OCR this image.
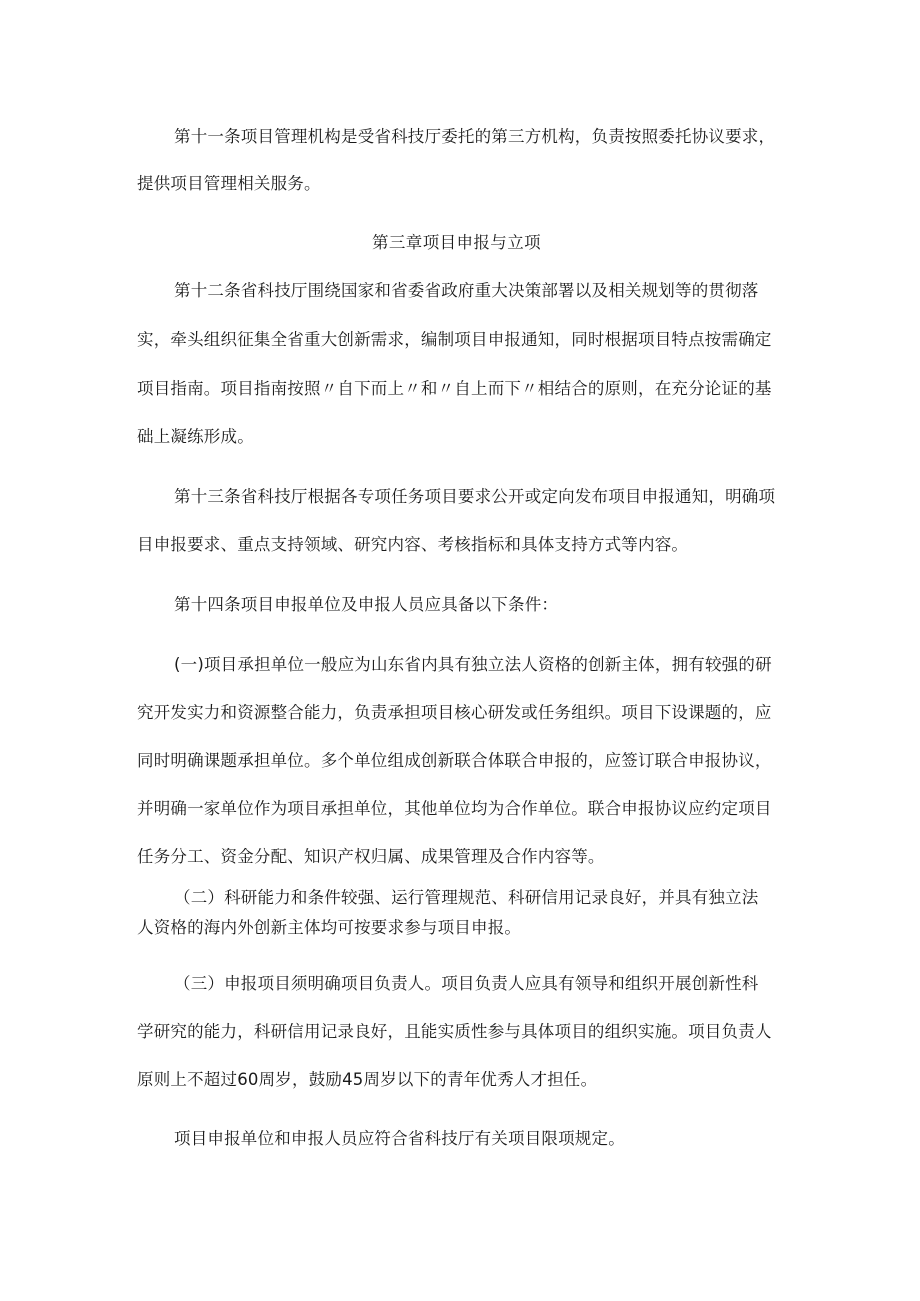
第十一条项目管理机构是受省科技厅委托的第三方机构，负责按照委托协议要求，
提供项目管理相关服务。
第三章项目申报与立项
第十二条省科技厅围绕国家和省委省政府重大决策部署以及相关规划等的贯彻落
实，牵头组织征集全省重大创新需求，编制项目申报通知，同时根据项目特点按需确定
项目指南。项目指南按照〃自下而上〃和〃自上而下〃相结合的原则，在充分论证的基
础上凝练形成。
第十三条省科技厅根据各专项任务项目要求公开或定向发布项目申报通知，明确项
目申报要求、重点支持领域、研究内容、考核指标和具体支持方式等内容。
第十四条项目申报单位及申报人员应具备以下条件：
(一)项目承担单位一般应为山东省内具有独立法人资格的创新主体，拥有较强的研
究开发实力和资源整合能力，负责承担项目核心研发或任务组织。项目下设课题的，应
同时明确课题承担单位。多个单位组成创新联合体联合申报的，应签订联合申报协议，
并明确一家单位作为项目承担单位，其他单位均为合作单位。联合申报协议应约定项目
任务分工、资金分配、知识产权归属、成果管理及合作内容等。
（二）科研能力和条件较强、运行管理规范、科研信用记录良好，并具有独立法
人资格的海内外创新主体均可按要求参与项目申报。
（三）申报项目须明确项目负责人。项目负责人应具有领导和组织开展创新性科
学研究的能力，科研信用记录良好，且能实质性参与具体项目的组织实施。项目负责人
原则上不超过60周岁，鼓励45周岁以下的青年优秀人才担任。
项目申报单位和申报人员应符合省科技厅有关项目限项规定。
